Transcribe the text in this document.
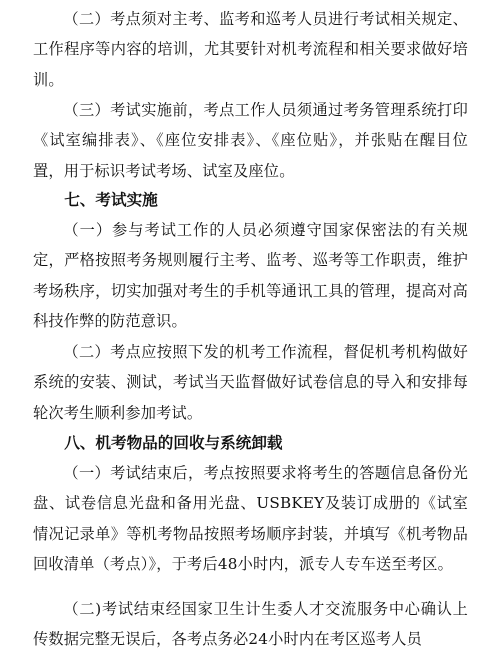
（二）考点须对主考、监考和巡考人员进行考试相关规定、工作程序等内容的培训，尤其要针对机考流程和相关要求做好培训。

（三）考试实施前，考点工作人员须通过考务管理系统打印《试室编排表》、《座位安排表》、《座位贴》，并张贴在醒目位置，用于标识考试考场、试室及座位。

七、考试实施

（一）参与考试工作的人员必须遵守国家保密法的有关规定，严格按照考务规则履行主考、监考、巡考等工作职责，维护考场秩序，切实加强对考生的手机等通讯工具的管理，提高对高科技作弊的防范意识。

（二）考点应按照下发的机考工作流程，督促机考机构做好系统的安装、测试，考试当天监督做好试卷信息的导入和安排每轮次考生顺利参加考试。

八、机考物品的回收与系统卸载

（一）考试结束后，考点按照要求将考生的答题信息备份光盘、试卷信息光盘和备用光盘、USBKEY及装订成册的《试室情况记录单》等机考物品按照考场顺序封装，并填写《机考物品回收清单（考点）》，于考后48小时内，派专人专车送至考区。

（二)考试结束经国家卫生计生委人才交流服务中心确认上传数据完整无误后，各考点务必24小时内在考区巡考人员
